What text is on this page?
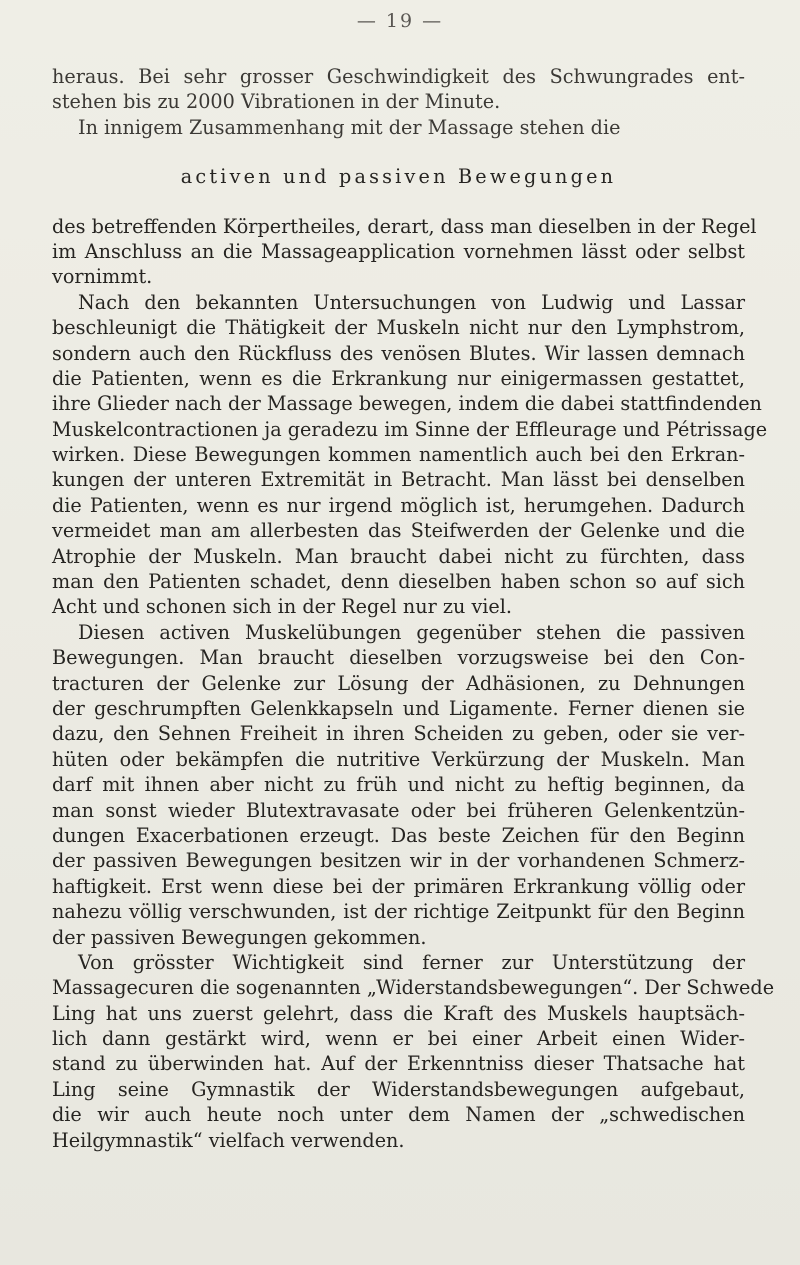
— 19 —
heraus. Bei sehr grosser Geschwindigkeit des Schwungrades ent-
stehen bis zu 2000 Vibrationen in der Minute.
In innigem Zusammenhang mit der Massage stehen die
activen und passiven Bewegungen
des betreffenden Körpertheiles, derart, dass man dieselben in der Regel
im Anschluss an die Massageapplication vornehmen lässt oder selbst
vornimmt.
Nach den bekannten Untersuchungen von Ludwig und Lassar
beschleunigt die Thätigkeit der Muskeln nicht nur den Lymphstrom,
sondern auch den Rückfluss des venösen Blutes. Wir lassen demnach
die Patienten, wenn es die Erkrankung nur einigermassen gestattet,
ihre Glieder nach der Massage bewegen, indem die dabei stattfindenden
Muskelcontractionen ja geradezu im Sinne der Effleurage und Pétrissage
wirken. Diese Bewegungen kommen namentlich auch bei den Erkran-
kungen der unteren Extremität in Betracht. Man lässt bei denselben
die Patienten, wenn es nur irgend möglich ist, herumgehen. Dadurch
vermeidet man am allerbesten das Steifwerden der Gelenke und die
Atrophie der Muskeln. Man braucht dabei nicht zu fürchten, dass
man den Patienten schadet, denn dieselben haben schon so auf sich
Acht und schonen sich in der Regel nur zu viel.
Diesen activen Muskelübungen gegenüber stehen die passiven
Bewegungen. Man braucht dieselben vorzugsweise bei den Con-
tracturen der Gelenke zur Lösung der Adhäsionen, zu Dehnungen
der geschrumpften Gelenkkapseln und Ligamente. Ferner dienen sie
dazu, den Sehnen Freiheit in ihren Scheiden zu geben, oder sie ver-
hüten oder bekämpfen die nutritive Verkürzung der Muskeln. Man
darf mit ihnen aber nicht zu früh und nicht zu heftig beginnen, da
man sonst wieder Blutextravasate oder bei früheren Gelenkentzün-
dungen Exacerbationen erzeugt. Das beste Zeichen für den Beginn
der passiven Bewegungen besitzen wir in der vorhandenen Schmerz-
haftigkeit. Erst wenn diese bei der primären Erkrankung völlig oder
nahezu völlig verschwunden, ist der richtige Zeitpunkt für den Beginn
der passiven Bewegungen gekommen.
Von grösster Wichtigkeit sind ferner zur Unterstützung der
Massagecuren die sogenannten „Widerstandsbewegungen“. Der Schwede
Ling hat uns zuerst gelehrt, dass die Kraft des Muskels hauptsäch-
lich dann gestärkt wird, wenn er bei einer Arbeit einen Wider-
stand zu überwinden hat. Auf der Erkenntniss dieser Thatsache hat
Ling seine Gymnastik der Widerstandsbewegungen aufgebaut,
die wir auch heute noch unter dem Namen der „schwedischen
Heilgymnastik“ vielfach verwenden.
